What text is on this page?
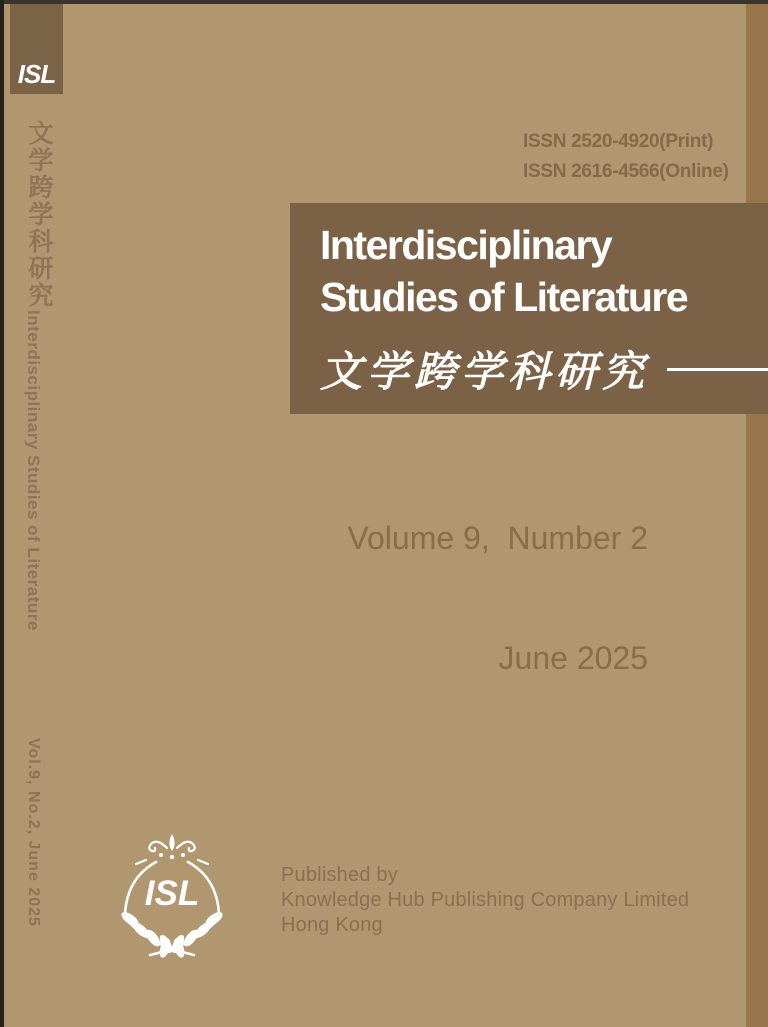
ISL
文学跨学科研究
Interdisciplinary Studies of Literature
Vol.9, No.2, June 2025
ISSN 2520-4920(Print)
ISSN 2616-4566(Online)
Interdisciplinary
Studies of Literature
文学跨学科研究

Volume 9,  Number 2

June 2025

ISL	Published by
Knowledge Hub Publishing Company Limited
Hong Kong
